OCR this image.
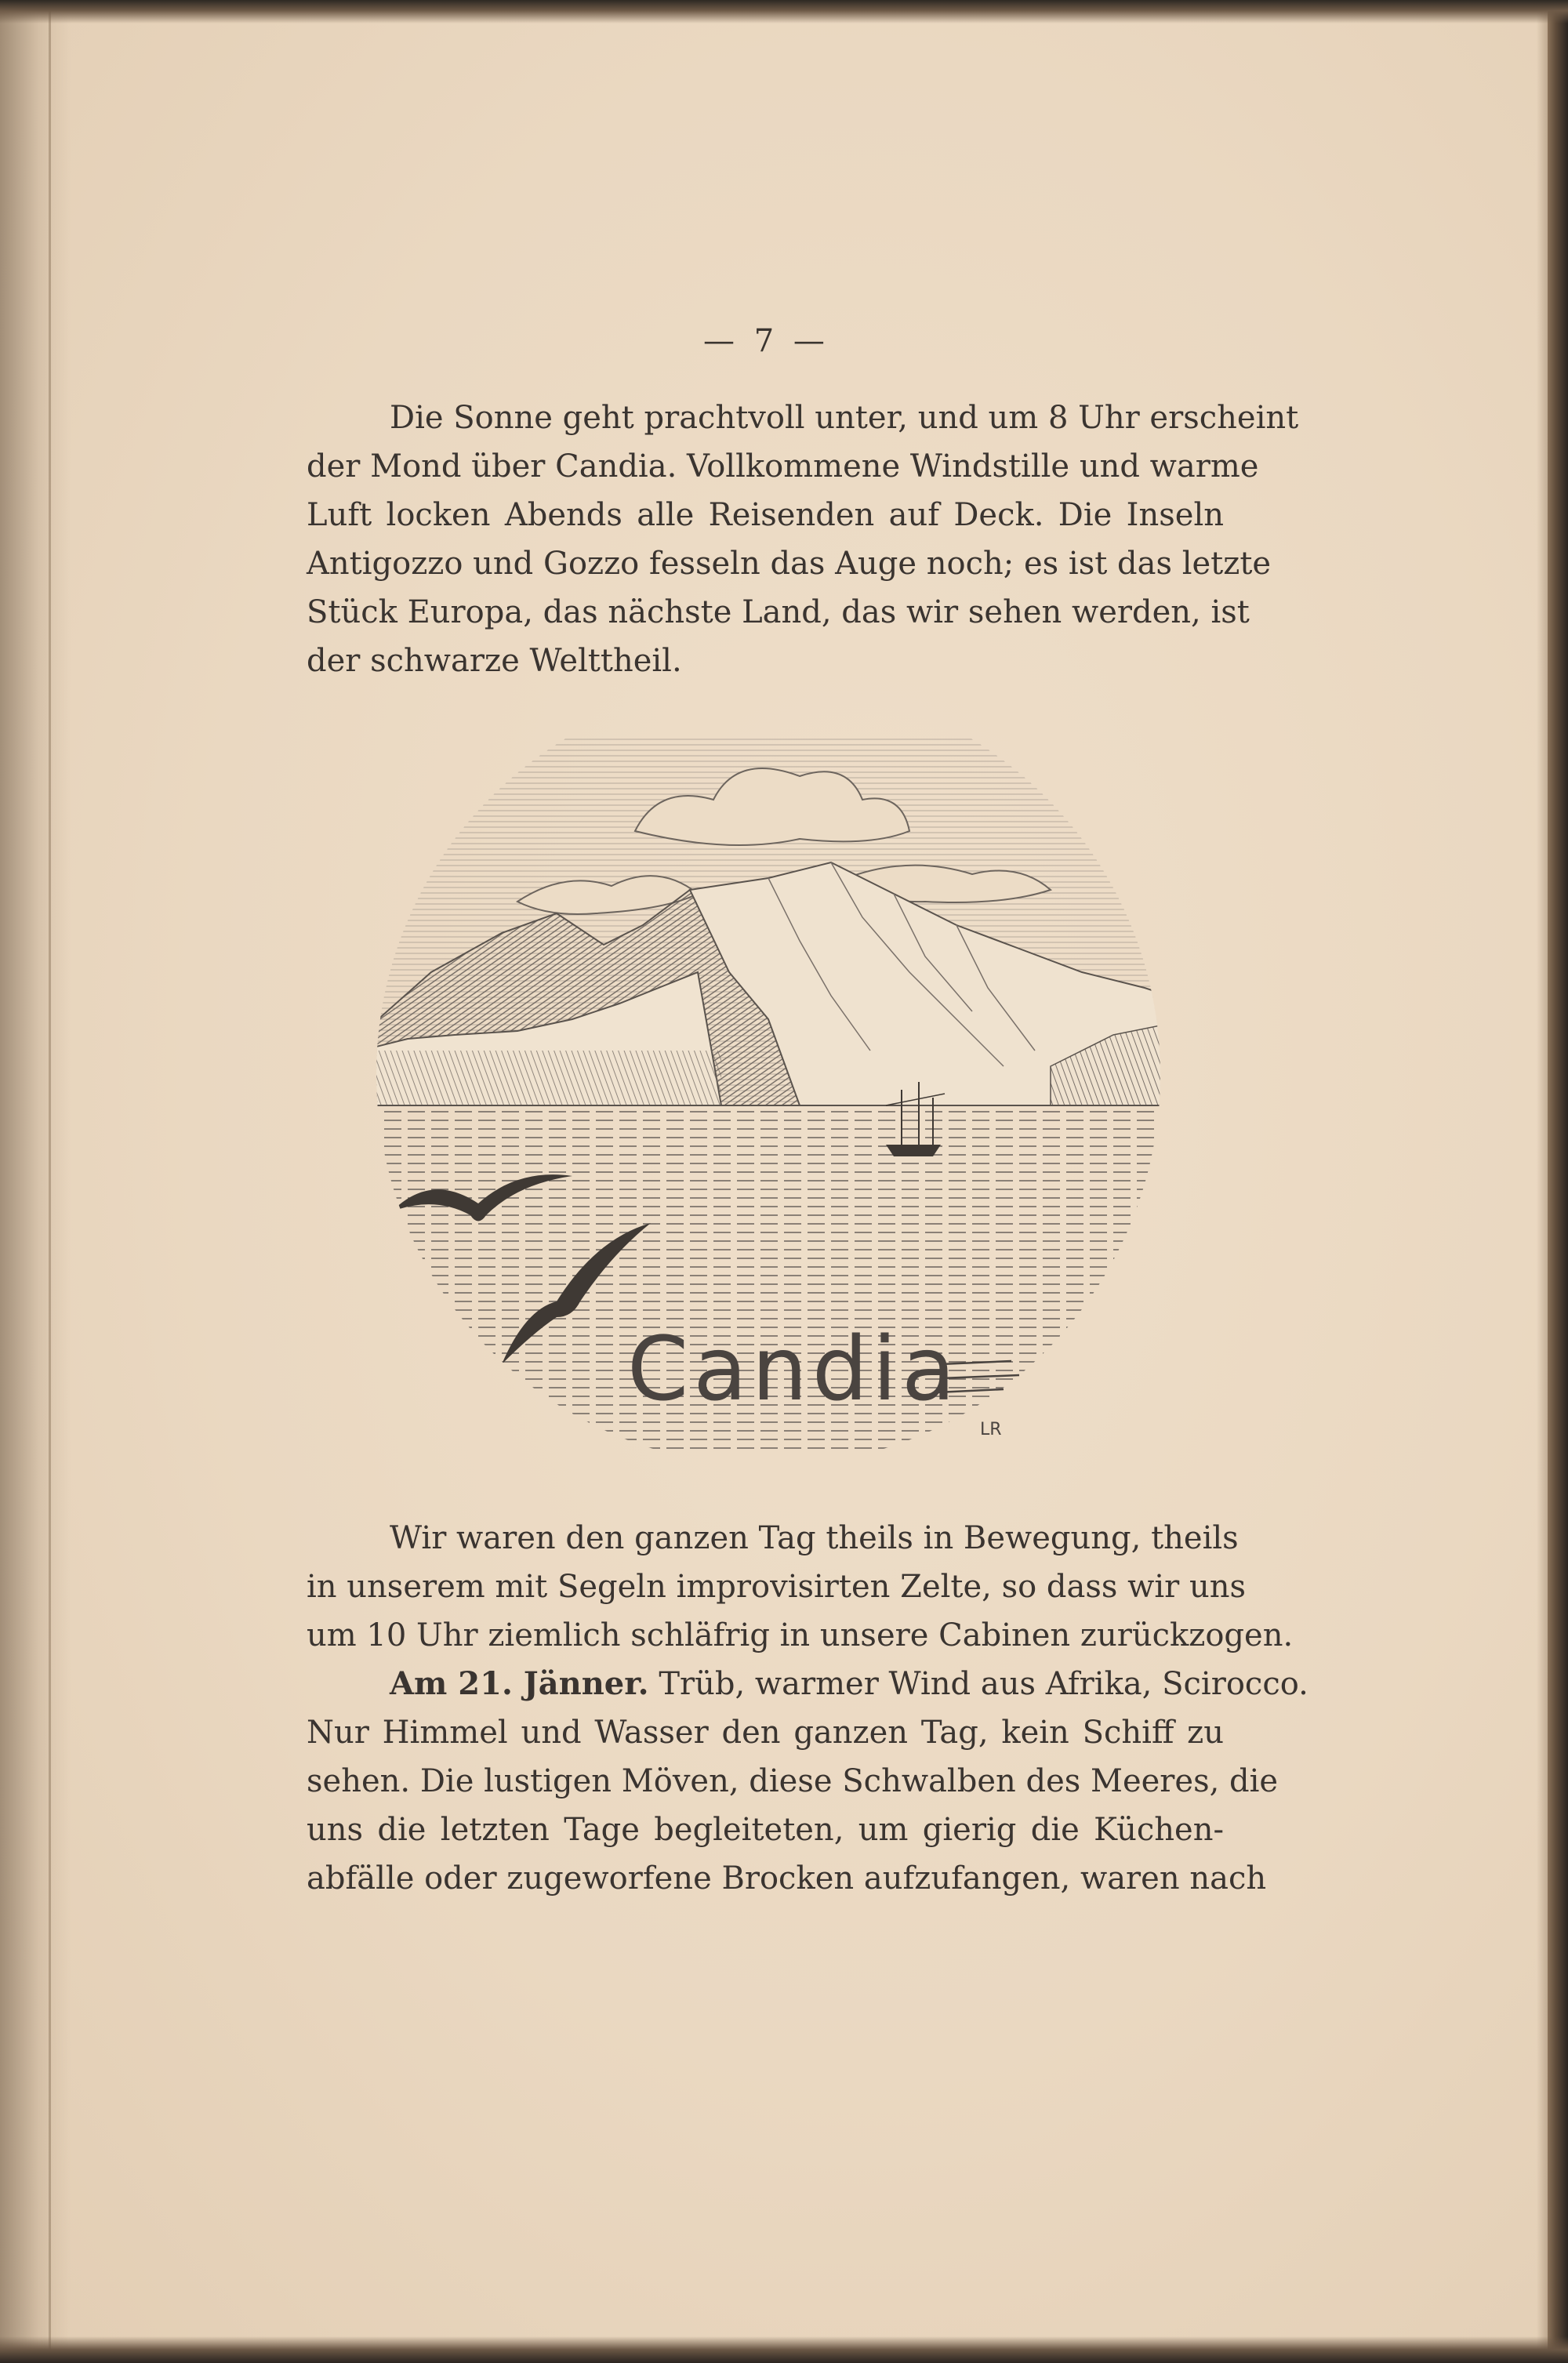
— 7 —
Die Sonne geht prachtvoll unter, und um 8 Uhr erscheint
der Mond über Candia. Vollkommene Windstille und warme
Luft locken Abends alle Reisenden auf Deck. Die Inseln
Antigozzo und Gozzo fesseln das Auge noch; es ist das letzte
Stück Europa, das nächste Land, das wir sehen werden, ist
der schwarze Welttheil.
Candia
LR
Wir waren den ganzen Tag theils in Bewegung, theils
in unserem mit Segeln improvisirten Zelte, so dass wir uns
um 10 Uhr ziemlich schläfrig in unsere Cabinen zurückzogen.
Am 21. Jänner. Trüb, warmer Wind aus Afrika, Scirocco.
Nur Himmel und Wasser den ganzen Tag, kein Schiff zu
sehen. Die lustigen Möven, diese Schwalben des Meeres, die
uns die letzten Tage begleiteten, um gierig die Küchen-
abfälle oder zugeworfene Brocken aufzufangen, waren nach
